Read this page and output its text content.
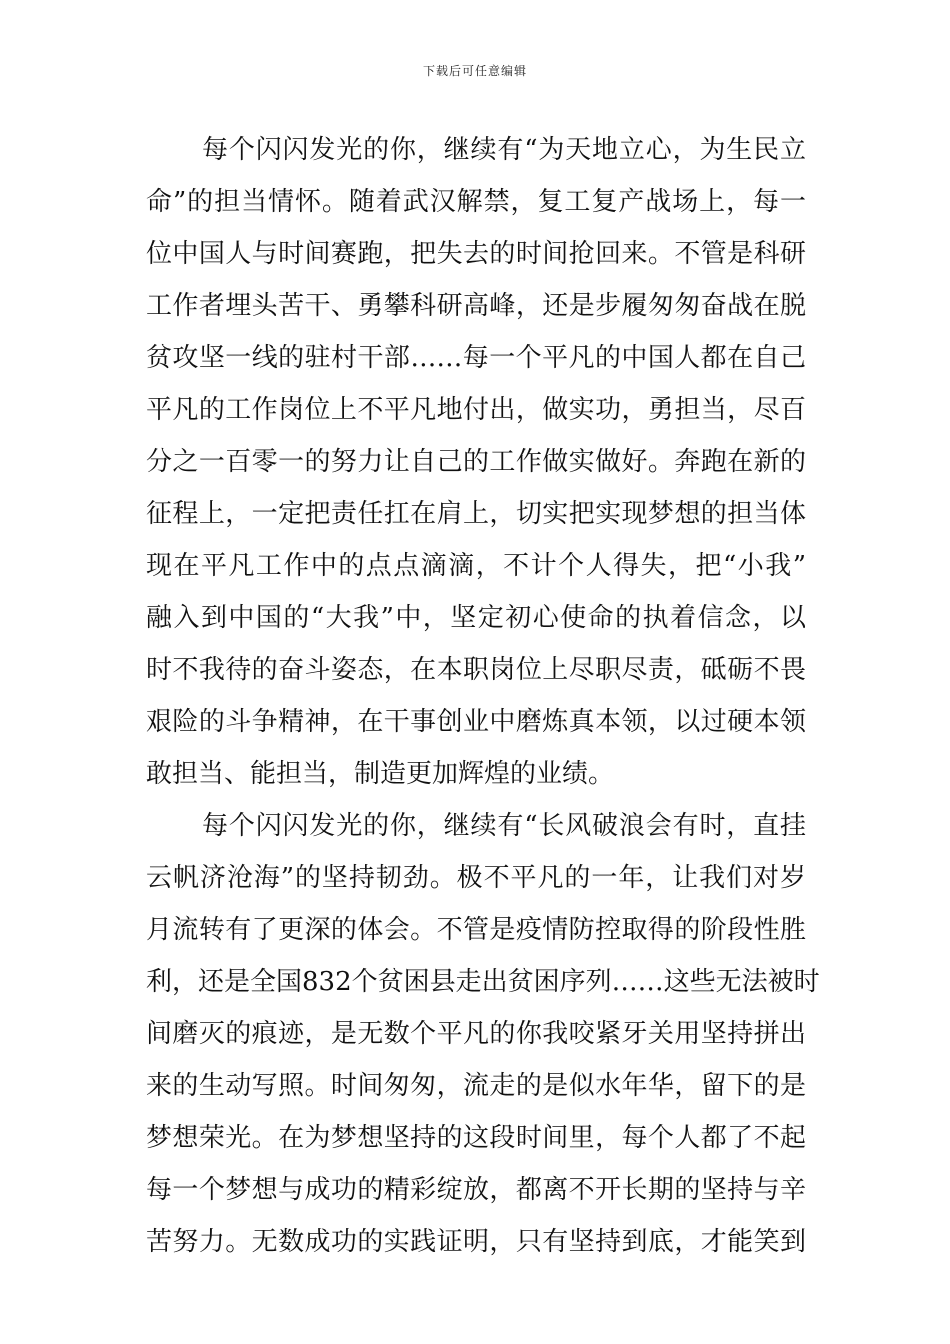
下载后可任意编辑
每个闪闪发光的你，继续有“为天地立心，为生民立
命”的担当情怀。随着武汉解禁，复工复产战场上，每一
位中国人与时间赛跑，把失去的时间抢回来。不管是科研
工作者埋头苦干、勇攀科研高峰，还是步履匆匆奋战在脱
贫攻坚一线的驻村干部……每一个平凡的中国人都在自己
平凡的工作岗位上不平凡地付出，做实功，勇担当，尽百
分之一百零一的努力让自己的工作做实做好。奔跑在新的
征程上，一定把责任扛在肩上，切实把实现梦想的担当体
现在平凡工作中的点点滴滴，不计个人得失，把“小我”
融入到中国的“大我”中，坚定初心使命的执着信念，以
时不我待的奋斗姿态，在本职岗位上尽职尽责，砥砺不畏
艰险的斗争精神，在干事创业中磨炼真本领，以过硬本领
敢担当、能担当，制造更加辉煌的业绩。
每个闪闪发光的你，继续有“长风破浪会有时，直挂
云帆济沧海”的坚持韧劲。极不平凡的一年，让我们对岁
月流转有了更深的体会。不管是疫情防控取得的阶段性胜
利，还是全国832个贫困县走出贫困序列……这些无法被时
间磨灭的痕迹，是无数个平凡的你我咬紧牙关用坚持拼出
来的生动写照。时间匆匆，流走的是似水年华，留下的是
梦想荣光。在为梦想坚持的这段时间里，每个人都了不起
每一个梦想与成功的精彩绽放，都离不开长期的坚持与辛
苦努力。无数成功的实践证明，只有坚持到底，才能笑到
